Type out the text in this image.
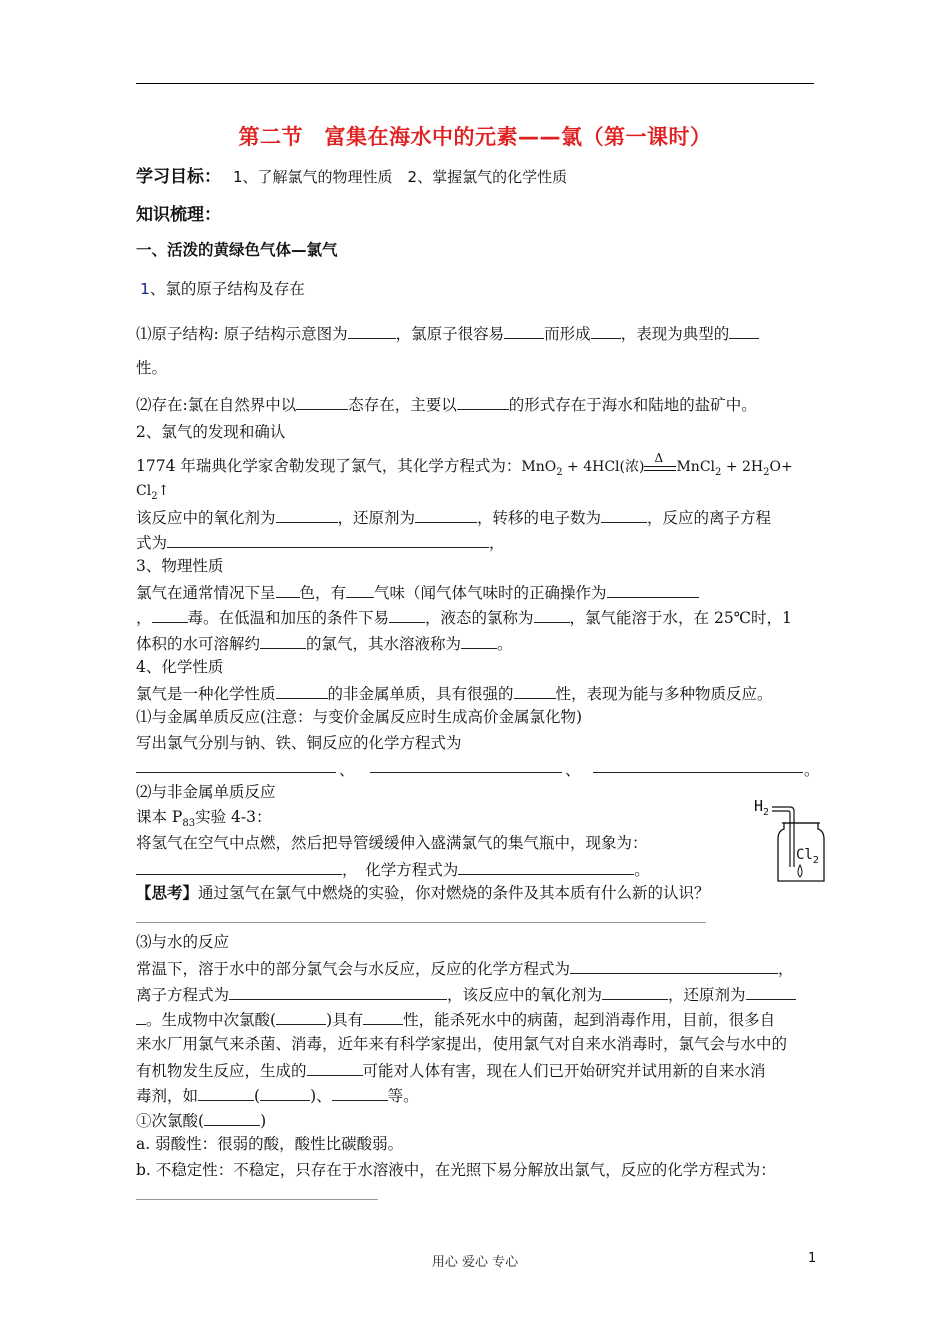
第二节　富集在海水中的元素——氯（第一课时）
学习目标： 1、了解氯气的物理性质　2、掌握氯气的化学性质
知识梳理：
一、活泼的黄绿色气体—氯气
1、氯的原子结构及存在
⑴原子结构: 原子结构示意图为	，氯原子很容易	而形成 ，表现为典型的
性。
⑵存在:氯在自然界中以	态存在，主要以	的形式存在于海水和陆地的盐矿中。
2、氯气的发现和确认
1774 年瑞典化学家舍勒发现了氯气，其化学方程式为：MnO$_2$ + 4HCl(浓)
Δ
MnCl$_2$ + $2H_2O+$
$Cl_2↑$
该反应中的氧化剂为	，还原剂为	，转移的电子数为	，反应的离子方程
式为	，
3、物理性质
氯气在通常情况下呈 色，有 气味（闻气体气味时的正确操作为
， 毒。在低温和加压的条件下易 ，液态的氯称为 ，氯气能溶于水，在 25℃时，1
体积的水可溶解约	的氯气，其水溶液称为 。
4、化学性质
氯气是一种化学性质	的非金属单质，具有很强的	性，表现为能与多种物质反应。
⑴与金属单质反应(注意：与变价金属反应时生成高价金属氯化物)
写出氯气分别与钠、铁、铜反应的化学方程式为
、	、	。
⑵与非金属单质反应
课本 $P_{83}$实验 4-3：
将氢气在空气中点燃，然后把导管缓缓伸入盛满氯气的集气瓶中，现象为：
，　化学方程式为	。
【思考】通过氢气在氯气中燃烧的实验，你对燃烧的条件及其本质有什么新的认识？
⑶与水的反应
常温下，溶于水中的部分氯气会与水反应，反应的化学方程式为	，
离子方程式为	，该反应中的氧化剂为	，还原剂为
。生成物中次氯酸(	)具有	性，能杀死水中的病菌，起到消毒作用，目前，很多自
来水厂用氯气来杀菌、消毒，近年来有科学家提出，使用氯气对自来水消毒时，氯气会与水中的
有机物发生反应，生成的	可能对人体有害，现在人们已开始研究并试用新的自来水消
毒剂，如	(	)、	等。
①次氯酸(	)
a. 弱酸性：很弱的酸，酸性比碳酸弱。
b. 不稳定性：不稳定，只存在于水溶液中，在光照下易分解放出氯气，反应的化学方程式为：
$H_2$
$Cl_2$
用心 爱心 专心	1
